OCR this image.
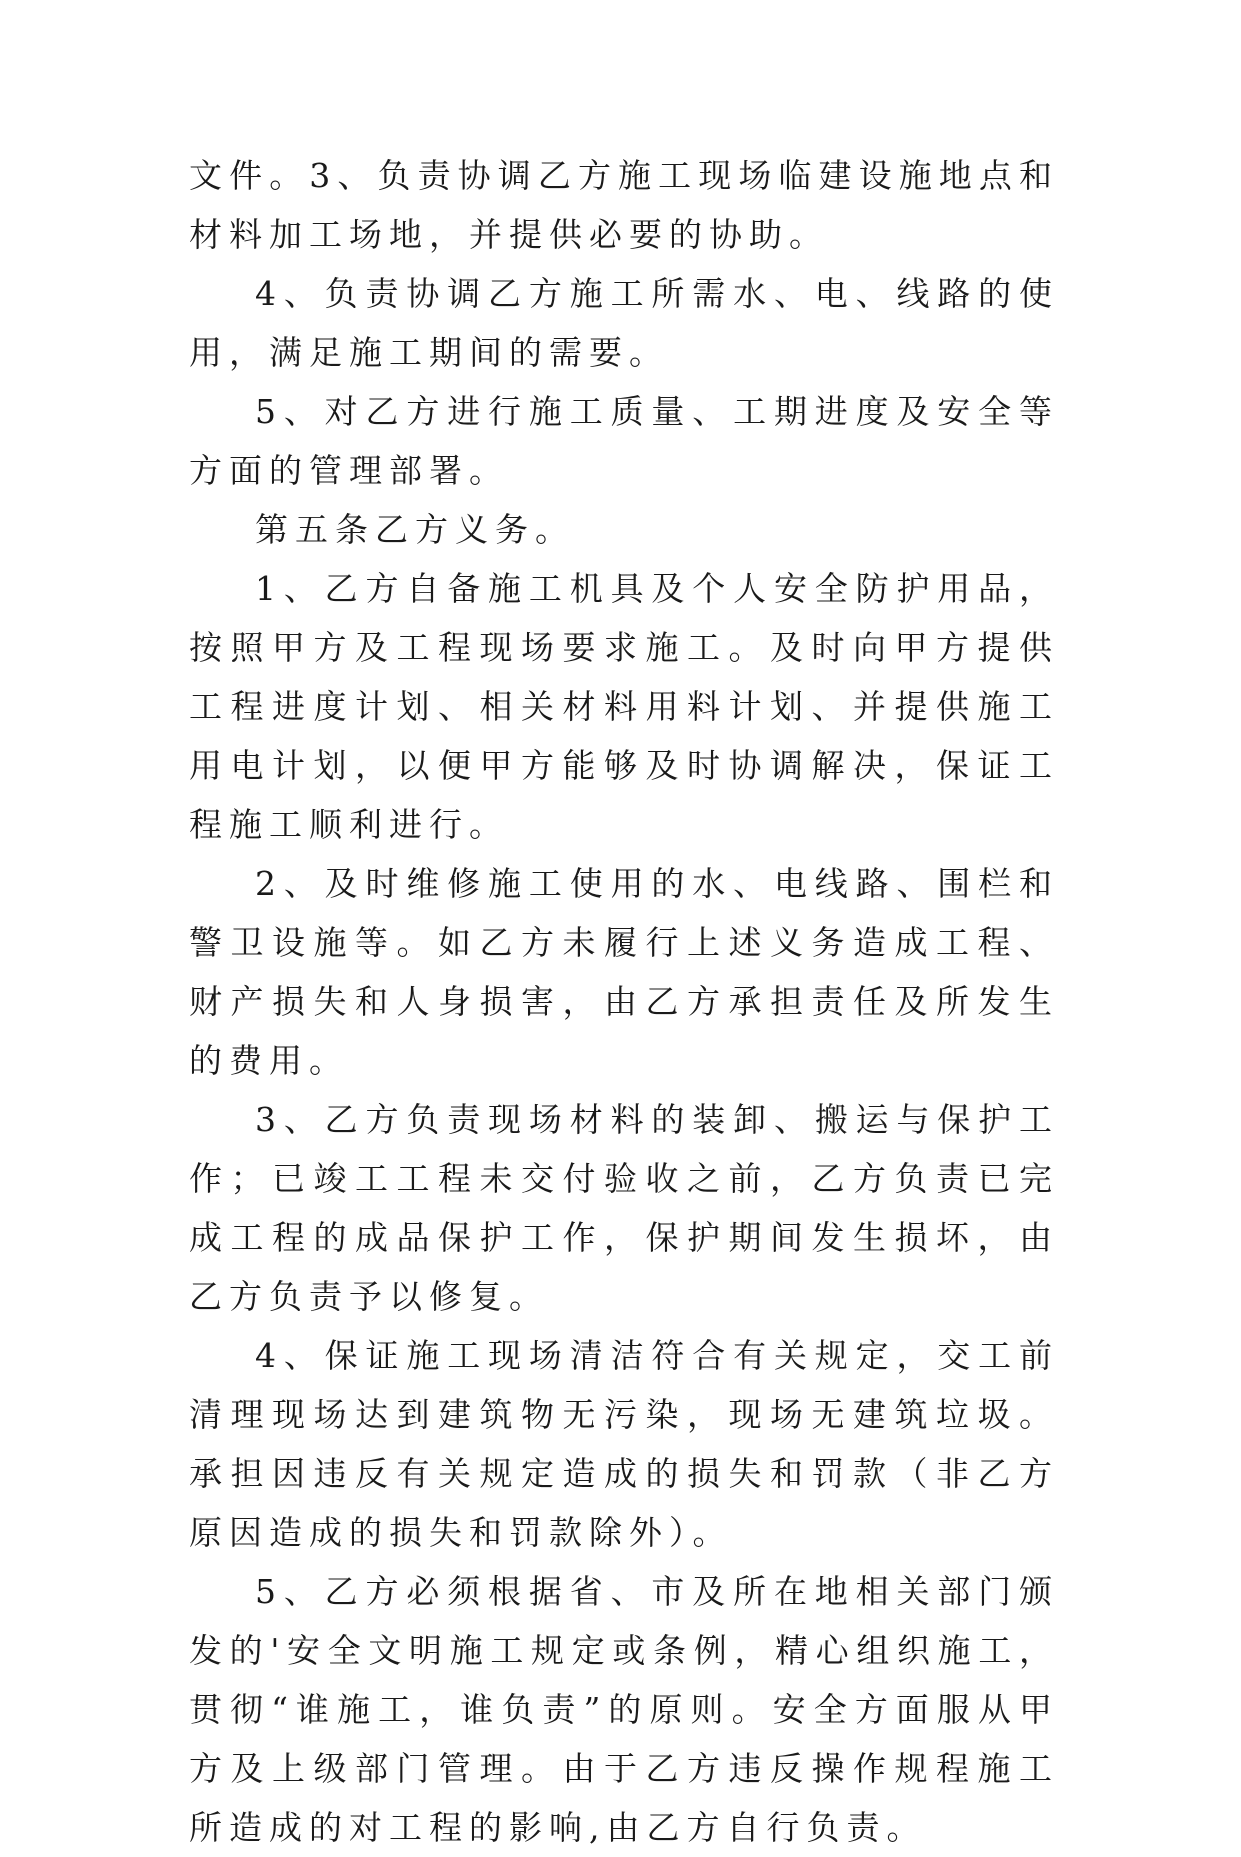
文件。3、负责协调乙方施工现场临建设施地点和材料加工场地，并提供必要的协助。

4、负责协调乙方施工所需水、电、线路的使用，满足施工期间的需要。

5、对乙方进行施工质量、工期进度及安全等方面的管理部署。

第五条乙方义务。

1、乙方自备施工机具及个人安全防护用品，按照甲方及工程现场要求施工。及时向甲方提供工程进度计划、相关材料用料计划、并提供施工用电计划，以便甲方能够及时协调解决，保证工程施工顺利进行。

2、及时维修施工使用的水、电线路、围栏和警卫设施等。如乙方未履行上述义务造成工程、财产损失和人身损害，由乙方承担责任及所发生的费用。

3、乙方负责现场材料的装卸、搬运与保护工作；已竣工工程未交付验收之前，乙方负责已完成工程的成品保护工作，保护期间发生损坏，由乙方负责予以修复。

4、保证施工现场清洁符合有关规定，交工前清理现场达到建筑物无污染，现场无建筑垃圾。承担因违反有关规定造成的损失和罚款（非乙方原因造成的损失和罚款除外）。

5、乙方必须根据省、市及所在地相关部门颁发的'安全文明施工规定或条例，精心组织施工，贯彻“谁施工，谁负责”的原则。安全方面服从甲方及上级部门管理。由于乙方违反操作规程施工所造成的对工程的影响,由乙方自行负责。
